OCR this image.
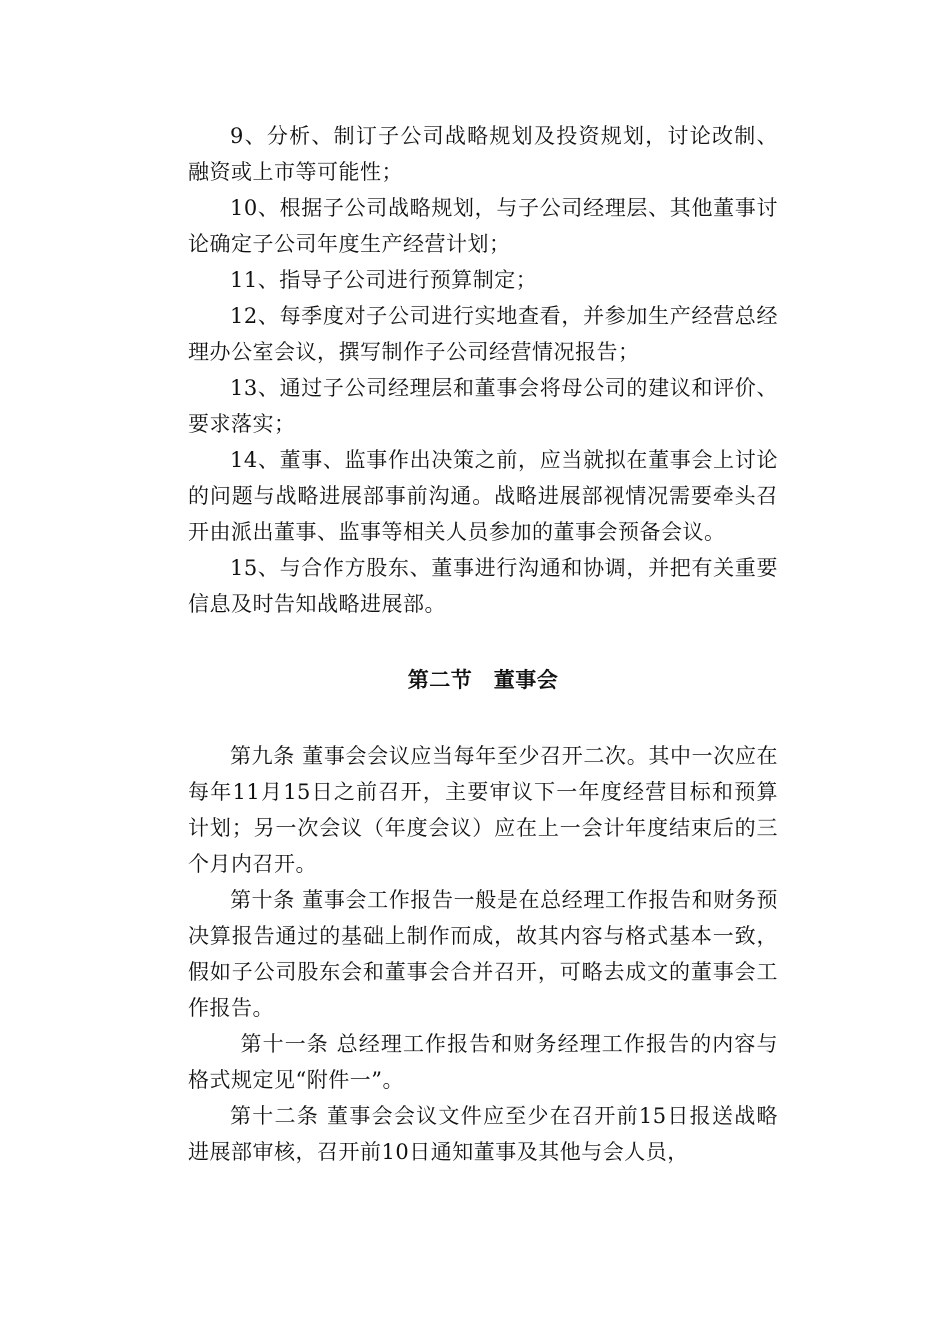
9、分析、制订子公司战略规划及投资规划，讨论改制、融资或上市等可能性；

10、根据子公司战略规划，与子公司经理层、其他董事讨论确定子公司年度生产经营计划；

11、指导子公司进行预算制定；

12、每季度对子公司进行实地查看，并参加生产经营总经理办公室会议，撰写制作子公司经营情况报告；

13、通过子公司经理层和董事会将母公司的建议和评价、要求落实；

14、董事、监事作出决策之前，应当就拟在董事会上讨论的问题与战略进展部事前沟通。战略进展部视情况需要牵头召开由派出董事、监事等相关人员参加的董事会预备会议。

15、与合作方股东、董事进行沟通和协调，并把有关重要信息及时告知战略进展部。

第二节　董事会

第九条 董事会会议应当每年至少召开二次。其中一次应在每年11月15日之前召开，主要审议下一年度经营目标和预算计划；另一次会议（年度会议）应在上一会计年度结束后的三个月内召开。

第十条 董事会工作报告一般是在总经理工作报告和财务预决算报告通过的基础上制作而成，故其内容与格式基本一致，假如子公司股东会和董事会合并召开，可略去成文的董事会工作报告。

第十一条 总经理工作报告和财务经理工作报告的内容与格式规定见“附件一”。

第十二条 董事会会议文件应至少在召开前15日报送战略进展部审核，召开前10日通知董事及其他与会人员，
